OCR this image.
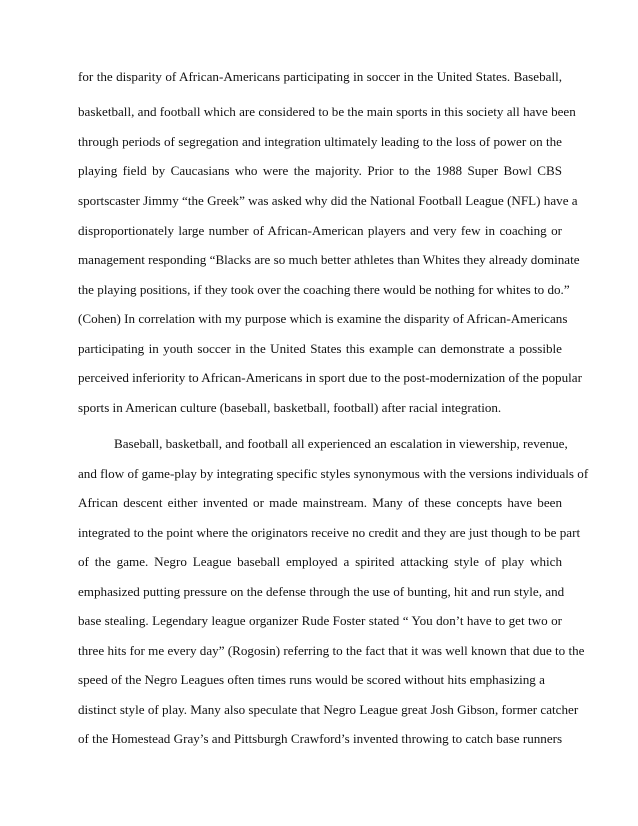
for the disparity of African-Americans participating in soccer in the United States. Baseball,
basketball, and football which are considered to be the main sports in this society all have been
through periods of segregation and integration ultimately leading to the loss of power on the
playing field by Caucasians who were the majority. Prior to the 1988 Super Bowl CBS
sportscaster Jimmy “the Greek” was asked why did the National Football League (NFL) have a
disproportionately large number of African-American players and very few in coaching or
management responding “Blacks are so much better athletes than Whites they already dominate
the playing positions, if they took over the coaching there would be nothing for whites to do.”
(Cohen) In correlation with my purpose which is examine the disparity of African-Americans
participating in youth soccer in the United States this example can demonstrate a possible
perceived inferiority to African-Americans in sport due to the post-modernization of the popular
sports in American culture (baseball, basketball, football) after racial integration.
Baseball, basketball, and football all experienced an escalation in viewership, revenue,
and flow of game-play by integrating specific styles synonymous with the versions individuals of
African descent either invented or made mainstream. Many of these concepts have been
integrated to the point where the originators receive no credit and they are just though to be part
of the game. Negro League baseball employed a spirited attacking style of play which
emphasized putting pressure on the defense through the use of bunting, hit and run style, and
base stealing. Legendary league organizer Rude Foster stated “ You don’t have to get two or
three hits for me every day” (Rogosin) referring to the fact that it was well known that due to the
speed of the Negro Leagues often times runs would be scored without hits emphasizing a
distinct style of play. Many also speculate that Negro League great Josh Gibson, former catcher
of the Homestead Gray’s and Pittsburgh Crawford’s invented throwing to catch base runners
